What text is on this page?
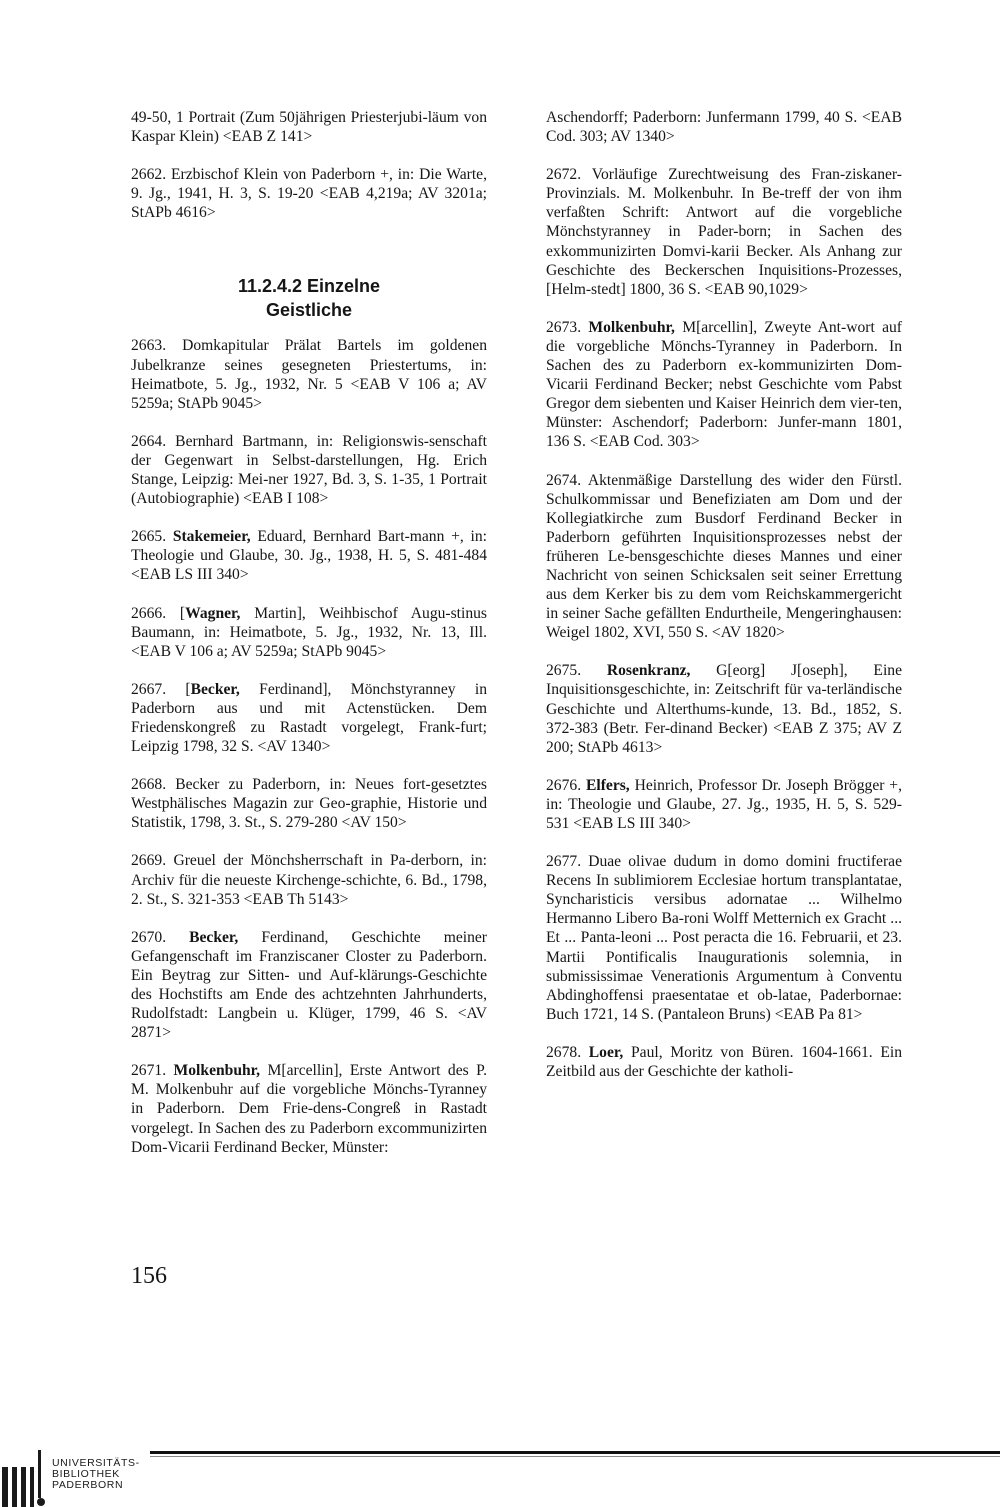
49-50, 1 Portrait (Zum 50jährigen Priesterjubi-läum von Kaspar Klein) <EAB Z 141>

2662. Erzbischof Klein von Paderborn +, in: Die Warte, 9. Jg., 1941, H. 3, S. 19-20 <EAB 4,219a; AV 3201a; StAPb 4616>

11.2.4.2 Einzelne
Geistliche

2663. Domkapitular Prälat Bartels im goldenen Jubelkranze seines gesegneten Priestertums, in: Heimatbote, 5. Jg., 1932, Nr. 5 <EAB V 106 a; AV 5259a; StAPb 9045>

2664. Bernhard Bartmann, in: Religionswis-senschaft der Gegenwart in Selbst-darstellungen, Hg. Erich Stange, Leipzig: Mei-ner 1927, Bd. 3, S. 1-35, 1 Portrait (Autobiographie) <EAB I 108>

2665. Stakemeier, Eduard, Bernhard Bart-mann +, in: Theologie und Glaube, 30. Jg., 1938, H. 5, S. 481-484 <EAB LS III 340>

2666. [Wagner, Martin], Weihbischof Augu-stinus Baumann, in: Heimatbote, 5. Jg., 1932, Nr. 13, Ill. <EAB V 106 a; AV 5259a; StAPb 9045>

2667. [Becker, Ferdinand], Mönchstyranney in Paderborn aus und mit Actenstücken. Dem Friedenskongreß zu Rastadt vorgelegt, Frank-furt; Leipzig 1798, 32 S. <AV 1340>

2668. Becker zu Paderborn, in: Neues fort-gesetztes Westphälisches Magazin zur Geo-graphie, Historie und Statistik, 1798, 3. St., S. 279-280 <AV 150>

2669. Greuel der Mönchsherrschaft in Pa-derborn, in: Archiv für die neueste Kirchenge-schichte, 6. Bd., 1798, 2. St., S. 321-353 <EAB Th 5143>

2670. Becker, Ferdinand, Geschichte meiner Gefangenschaft im Franziscaner Closter zu Paderborn. Ein Beytrag zur Sitten- und Auf-klärungs-Geschichte des Hochstifts am Ende des achtzehnten Jahrhunderts, Rudolfstadt: Langbein u. Klüger, 1799, 46 S. <AV 2871>

2671. Molkenbuhr, M[arcellin], Erste Antwort des P. M. Molkenbuhr auf die vorgebliche Mönchs-Tyranney in Paderborn. Dem Frie-dens-Congreß in Rastadt vorgelegt. In Sachen des zu Paderborn excommunizirten Dom-Vicarii Ferdinand Becker, Münster:

Aschendorff; Paderborn: Junfermann 1799, 40 S. <EAB Cod. 303; AV 1340>

2672. Vorläufige Zurechtweisung des Fran-ziskaner-Provinzials. M. Molkenbuhr. In Be-treff der von ihm verfaßten Schrift: Antwort auf die vorgebliche Mönchstyranney in Pader-born; in Sachen des exkommunizirten Domvi-karii Becker. Als Anhang zur Geschichte des Beckerschen Inquisitions-Prozesses, [Helm-stedt] 1800, 36 S. <EAB 90,1029>

2673. Molkenbuhr, M[arcellin], Zweyte Ant-wort auf die vorgebliche Mönchs-Tyranney in Paderborn. In Sachen des zu Paderborn ex-kommunizirten Dom-Vicarii Ferdinand Becker; nebst Geschichte vom Pabst Gregor dem siebenten und Kaiser Heinrich dem vier-ten, Münster: Aschendorf; Paderborn: Junfer-mann 1801, 136 S. <EAB Cod. 303>

2674. Aktenmäßige Darstellung des wider den Fürstl. Schulkommissar und Benefiziaten am Dom und der Kollegiatkirche zum Busdorf Ferdinand Becker in Paderborn geführten Inquisitionsprozesses nebst der früheren Le-bensgeschichte dieses Mannes und einer Nachricht von seinen Schicksalen seit seiner Errettung aus dem Kerker bis zu dem vom Reichskammergericht in seiner Sache gefällten Endurtheile, Mengeringhausen: Weigel 1802, XVI, 550 S. <AV 1820>

2675. Rosenkranz, G[eorg] J[oseph], Eine Inquisitionsgeschichte, in: Zeitschrift für va-terländische Geschichte und Alterthums-kunde, 13. Bd., 1852, S. 372-383 (Betr. Fer-dinand Becker) <EAB Z 375; AV Z 200; StAPb 4613>

2676. Elfers, Heinrich, Professor Dr. Joseph Brögger +, in: Theologie und Glaube, 27. Jg., 1935, H. 5, S. 529-531 <EAB LS III 340>

2677. Duae olivae dudum in domo domini fructiferae Recens In sublimiorem Ecclesiae hortum transplantatae, Syncharisticis versibus adornatae ... Wilhelmo Hermanno Libero Ba-roni Wolff Metternich ex Gracht ... Et ... Panta-leoni ... Post peracta die 16. Februarii, et 23. Martii Pontificalis Inaugurationis solemnia, in submississimae Venerationis Argumentum à Conventu Abdinghoffensi praesentatae et ob-latae, Paderbornae: Buch 1721, 14 S. (Pantaleon Bruns) <EAB Pa 81>

2678. Loer, Paul, Moritz von Büren. 1604-1661. Ein Zeitbild aus der Geschichte der katholi-

156
UNIVERSITÄTS-
BIBLIOTHEK
PADERBORN
